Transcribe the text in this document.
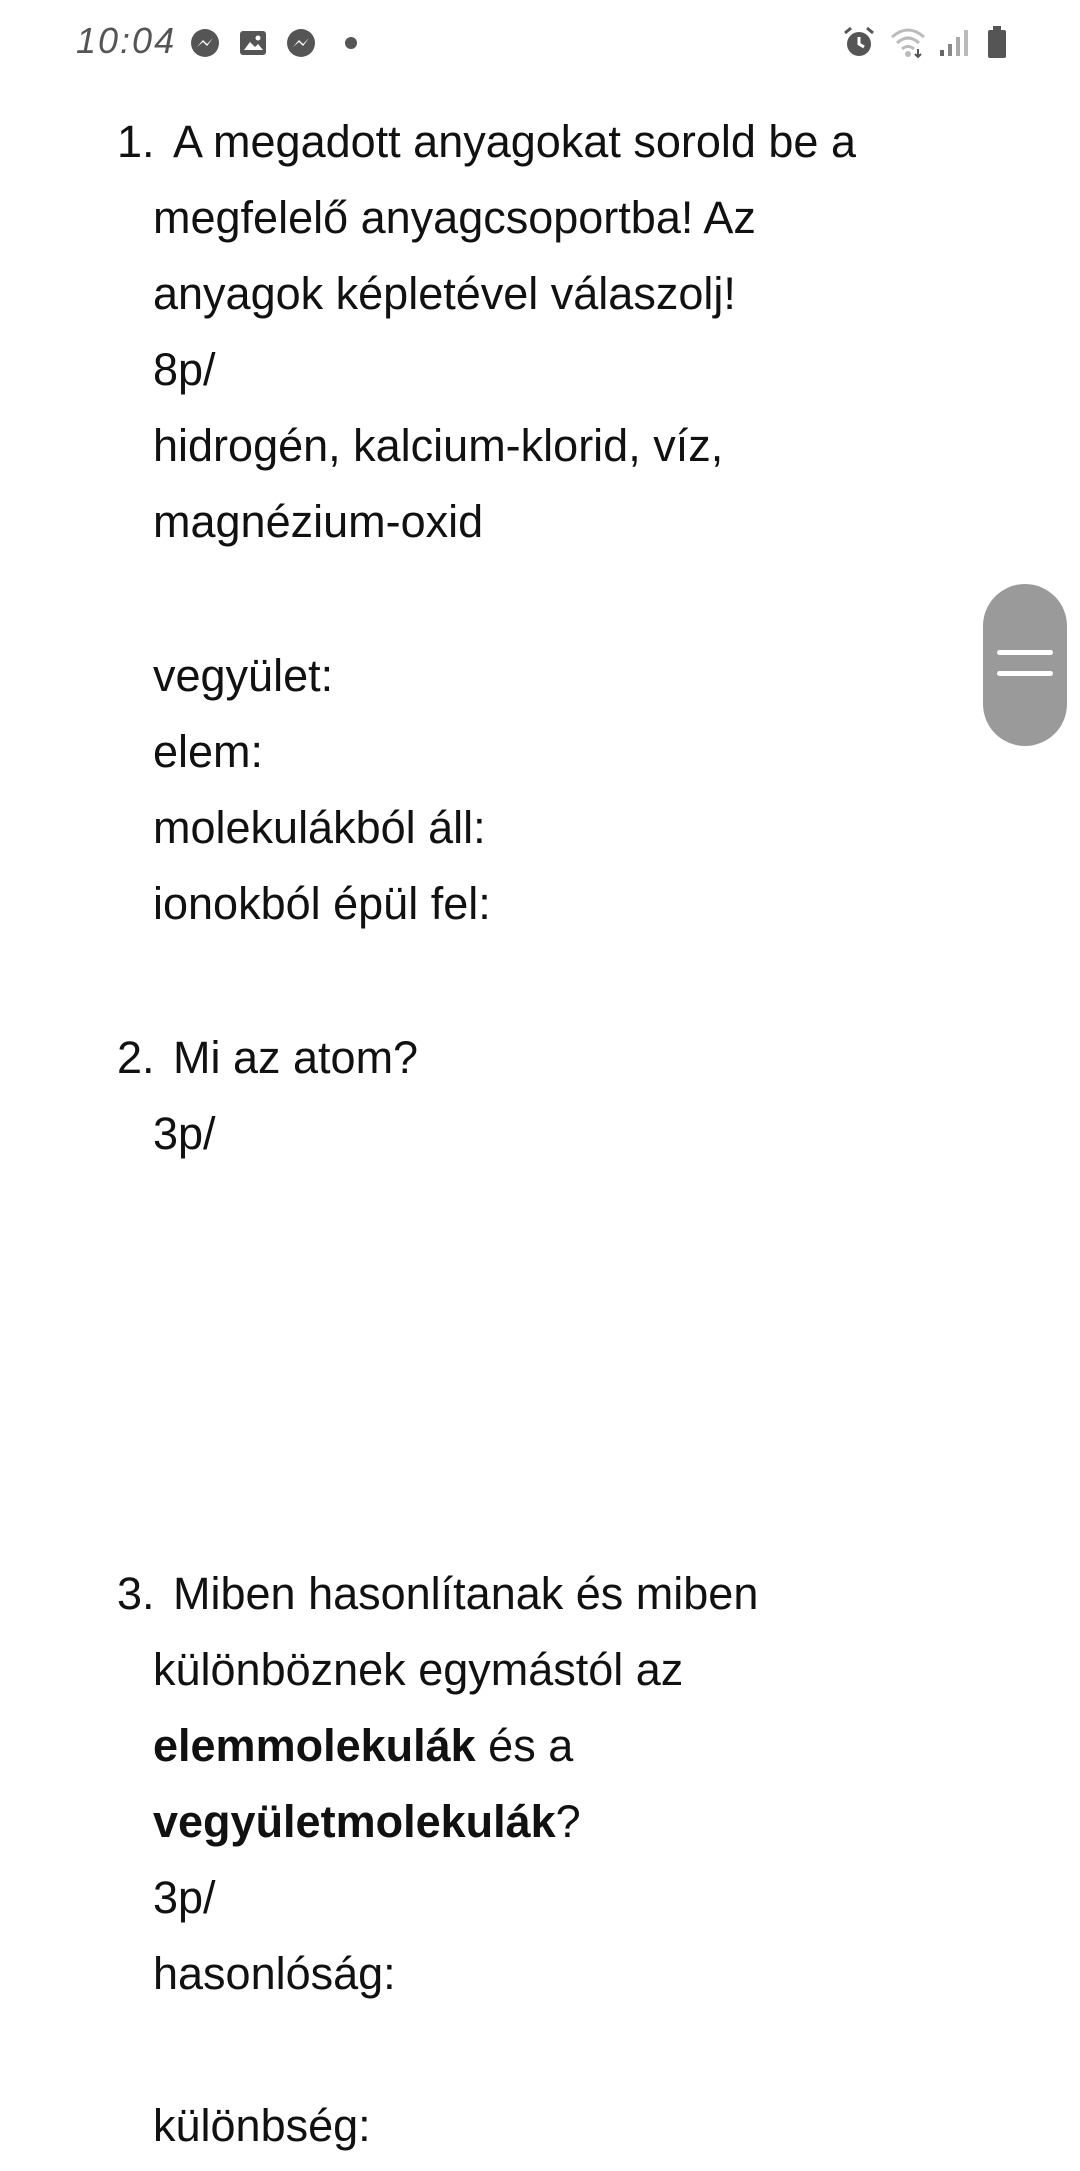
10:04
1. A megadott anyagokat sorold be a
megfelelő anyagcsoportba! Az
anyagok képletével válaszolj!
8p/
hidrogén, kalcium-klorid, víz,
magnézium-oxid
vegyület:
elem:
molekulákból áll:
ionokból épül fel:
2. Mi az atom?
3p/
3. Miben hasonlítanak és miben
különböznek egymástól az
elemmolekulák és a
vegyületmolekulák?
3p/
hasonlóság:
különbség:
